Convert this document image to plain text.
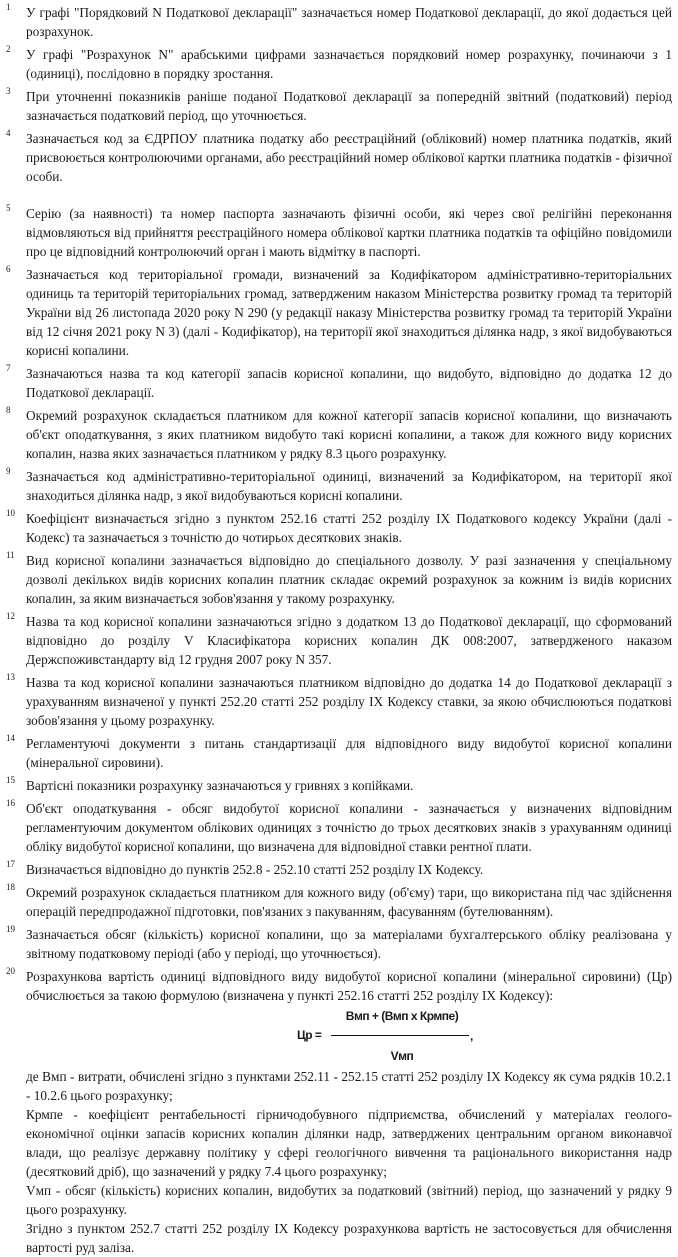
1	У графі "Порядковий N Податкової декларації" зазначається номер Податкової декларації, до якої додається цей розрахунок.
2	У графі "Розрахунок N" арабськими цифрами зазначається порядковий номер розрахунку, починаючи з 1 (одиниці), послідовно в порядку зростання.
3	При уточненні показників раніше поданої Податкової декларації за попередній звітний (податковий) період зазначається податковий період, що уточнюється.
4	Зазначається код за ЄДРПОУ платника податку або реєстраційний (обліковий) номер платника податків, який присвоюється контролюючими органами, або реєстраційний номер облікової картки платника податків - фізичної особи.
5	Серію (за наявності) та номер паспорта зазначають фізичні особи, які через свої релігійні переконання відмовляються від прийняття реєстраційного номера облікової картки платника податків та офіційно повідомили про це відповідний контролюючий орган і мають відмітку в паспорті.
6	Зазначається код територіальної громади, визначений за Кодифікатором адміністративно-територіальних одиниць та територій територіальних громад, затвердженим наказом Міністерства розвитку громад та територій України від 26 листопада 2020 року N 290 (у редакції наказу Міністерства розвитку громад та територій України від 12 січня 2021 року N 3) (далі - Кодифікатор), на території якої знаходиться ділянка надр, з якої видобуваються корисні копалини.
7	Зазначаються назва та код категорії запасів корисної копалини, що видобуто, відповідно до додатка 12 до Податкової декларації.
8	Окремий розрахунок складається платником для кожної категорії запасів корисної копалини, що визначають об'єкт оподаткування, з яких платником видобуто такі корисні копалини, а також для кожного виду корисних копалин, назва яких зазначається платником у рядку 8.3 цього розрахунку.
9	Зазначається код адміністративно-територіальної одиниці, визначений за Кодифікатором, на території якої знаходиться ділянка надр, з якої видобуваються корисні копалини.
10 Коефіцієнт визначається згідно з пунктом 252.16 статті 252 розділу IX Податкового кодексу України (далі - Кодекс) та зазначається з точністю до чотирьох десяткових знаків.
11 Вид корисної копалини зазначається відповідно до спеціального дозволу. У разі зазначення у спеціальному дозволі декількох видів корисних копалин платник складає окремий розрахунок за кожним із видів корисних копалин, за яким визначається зобов'язання у такому розрахунку.
12 Назва та код корисної копалини зазначаються згідно з додатком 13 до Податкової декларації, що сформований відповідно до розділу V Класифікатора корисних копалин ДК 008:2007, затвердженого наказом Держспоживстандарту від 12 грудня 2007 року N 357.
13 Назва та код корисної копалини зазначаються платником відповідно до додатка 14 до Податкової декларації з урахуванням визначеної у пункті 252.20 статті 252 розділу IX Кодексу ставки, за якою обчислюються податкові зобов'язання у цьому розрахунку.
14 Регламентуючі документи з питань стандартизації для відповідного виду видобутої корисної копалини (мінеральної сировини).
15 Вартісні показники розрахунку зазначаються у гривнях з копійками.
16 Об'єкт оподаткування - обсяг видобутої корисної копалини - зазначається у визначених відповідним регламентуючим документом облікових одиницях з точністю до трьох десяткових знаків з урахуванням одиниці обліку видобутої корисної копалини, що визначена для відповідної ставки рентної плати.
17 Визначається відповідно до пунктів 252.8 - 252.10 статті 252 розділу IX Кодексу.
18 Окремий розрахунок складається платником для кожного виду (об'єму) тари, що використана під час здійснення операцій передпродажної підготовки, пов'язаних з пакуванням, фасуванням (бутелюванням).
19 Зазначається обсяг (кількість) корисної копалини, що за матеріалами бухгалтерського обліку реалізована у звітному податковому періоді (або у періоді, що уточнюється).
20 Розрахункова вартість одиниці відповідного виду видобутої корисної копалини (мінеральної сировини) (Цр) обчислюється за такою формулою (визначена у пункті 252.16 статті 252 розділу IX Кодексу):
Цр =
Вмп + (Вмп х Крмпе)
,
Vмп
де Вмп - витрати, обчислені згідно з пунктами 252.11 - 252.15 статті 252 розділу IX Кодексу як сума рядків 10.2.1 - 10.2.6 цього розрахунку;
Крмпе - коефіцієнт рентабельності гірничодобувного підприємства, обчислений у матеріалах геолого-економічної оцінки запасів корисних копалин ділянки надр, затверджених центральним органом виконавчої влади, що реалізує державну політику у сфері геологічного вивчення та раціонального використання надр (десятковий дріб), що зазначений у рядку 7.4 цього розрахунку;
Vмп - обсяг (кількість) корисних копалин, видобутих за податковий (звітний) період, що зазначений у рядку 9 цього розрахунку.
Згідно з пунктом 252.7 статті 252 розділу IX Кодексу розрахункова вартість не застосовується для обчислення вартості руд заліза.
